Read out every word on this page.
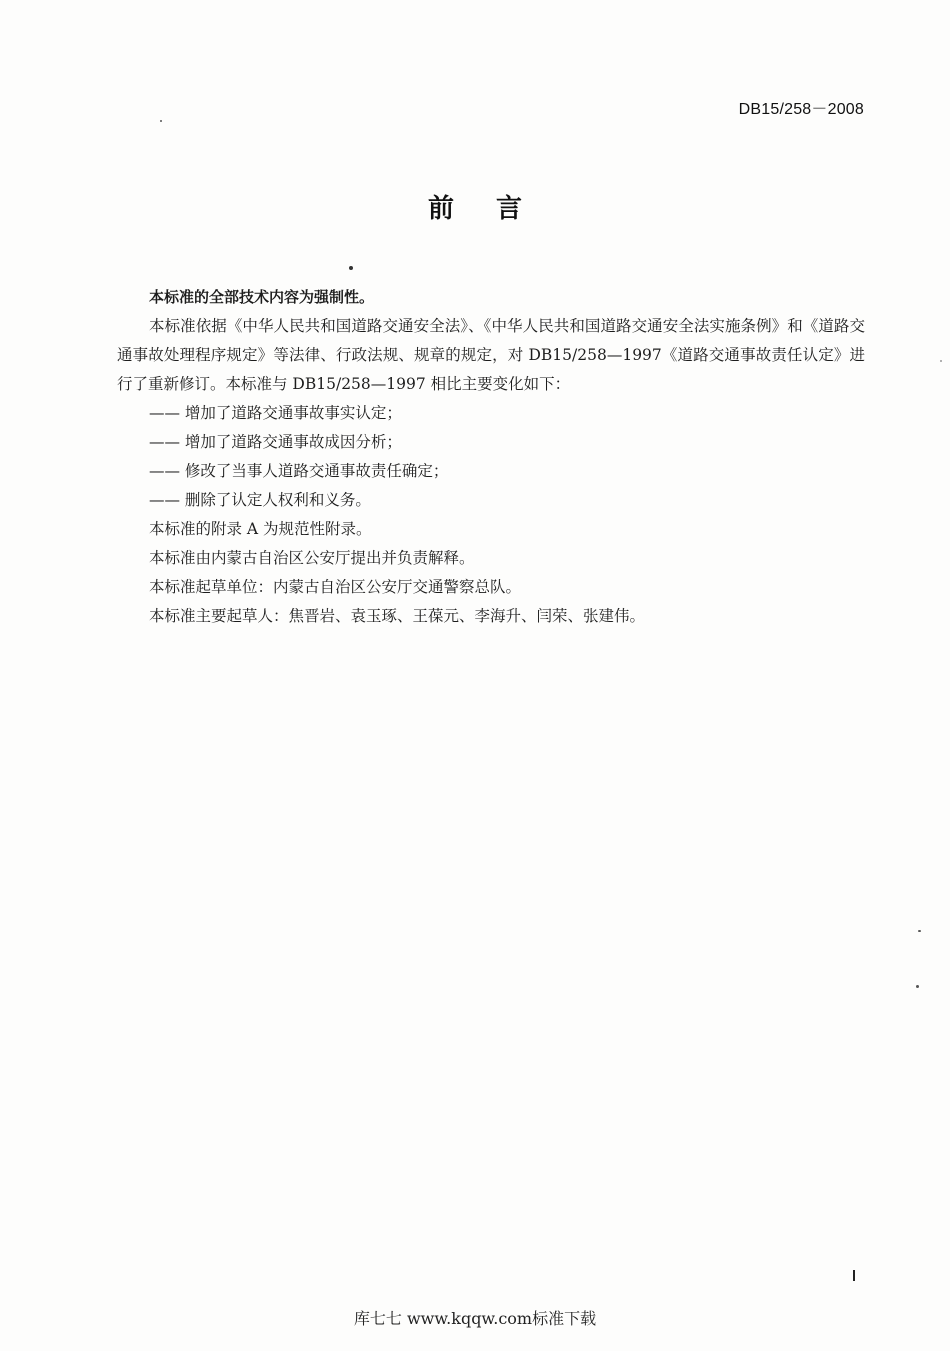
DB15/258－2008
前言

本标准的全部技术内容为强制性。

本标准依据《中华人民共和国道路交通安全法》、《中华人民共和国道路交通安全法实施条例》和《道路交通事故处理程序规定》等法律、行政法规、规章的规定，对 DB15/258—1997《道路交通事故责任认定》进行了重新修订。本标准与 DB15/258—1997 相比主要变化如下：

—— 增加了道路交通事故事实认定；

—— 增加了道路交通事故成因分析；

—— 修改了当事人道路交通事故责任确定；

—— 删除了认定人权利和义务。

本标准的附录 A 为规范性附录。

本标准由内蒙古自治区公安厅提出并负责解释。

本标准起草单位：内蒙古自治区公安厅交通警察总队。

本标准主要起草人：焦晋岩、袁玉琢、王葆元、李海升、闫荣、张建伟。

库七七 www.kqqw.com标准下载
